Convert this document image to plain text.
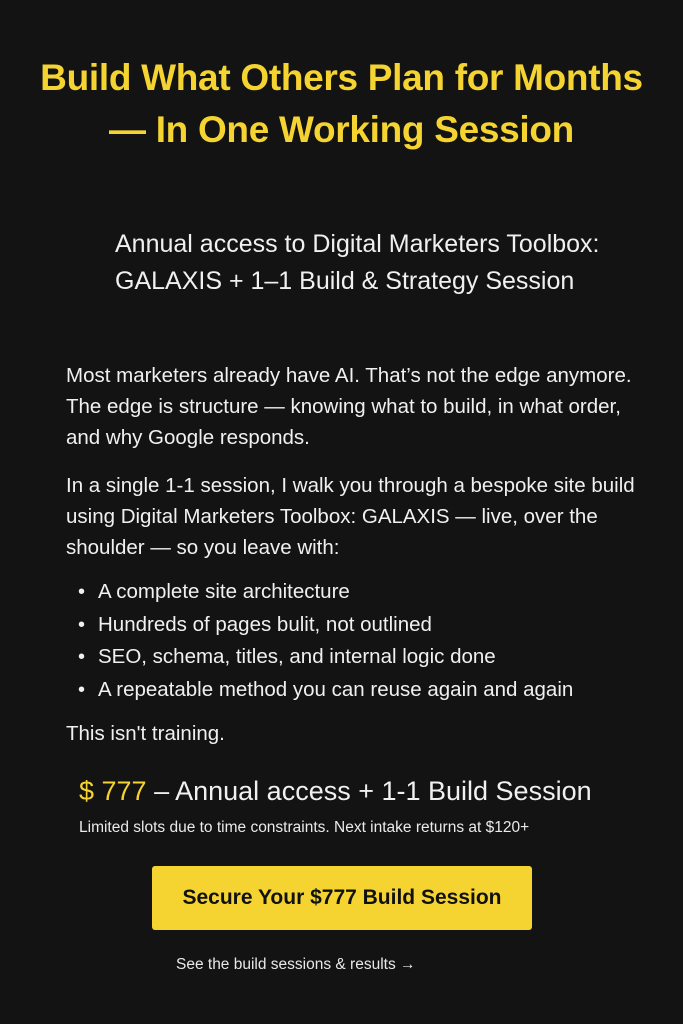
Build What Others Plan for Months — In One Working Session

Annual access to Digital Marketers Toolbox: GALAXIS + 1–1 Build & Strategy Session

Most marketers already have AI. That’s not the edge anymore. The edge is structure — knowing what to build, in what order, and why Google responds.

In a single 1-1 session, I walk you through a bespoke site build using Digital Marketers Toolbox: GALAXIS — live, over the shoulder — so you leave with:

• A complete site architecture
• Hundreds of pages bulit, not outlined
• SEO, schema, titles, and internal logic done
• A repeatable method you can reuse again and again

This isn't training.

$ 777 – Annual access + 1-1 Build Session

Limited slots due to time constraints. Next intake returns at $120+

Secure Your $777 Build Session
See the build sessions & results →
